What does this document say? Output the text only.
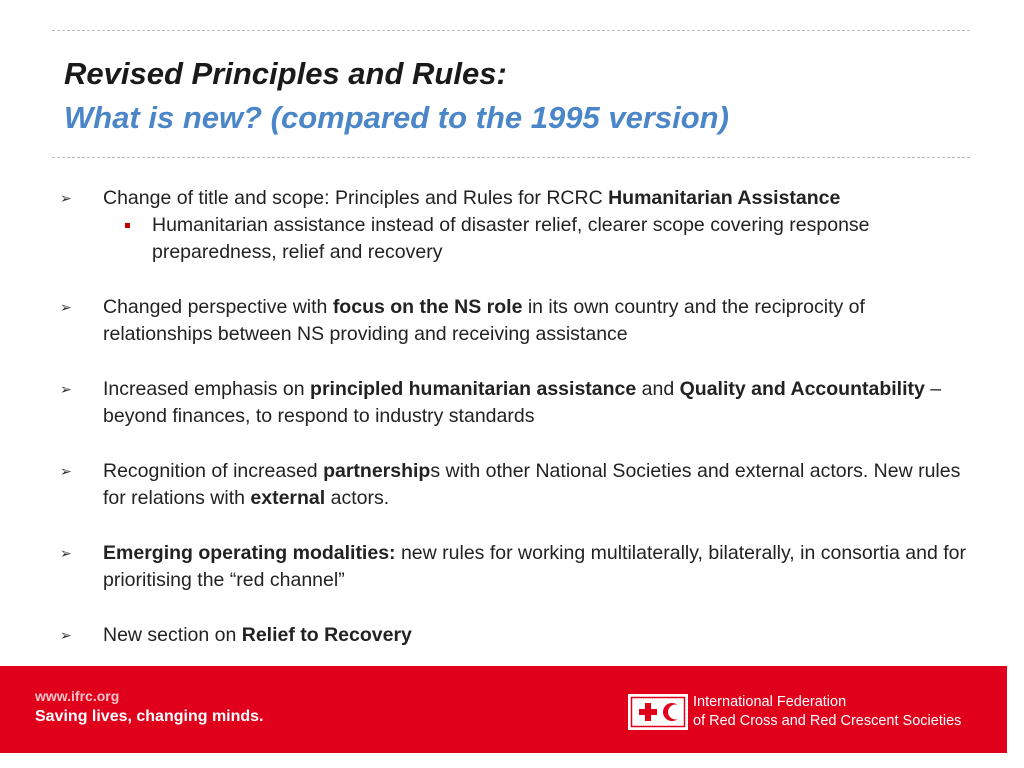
Revised Principles and Rules:
What is new? (compared to the 1995 version)
➢ Change of title and scope: Principles and Rules for RCRC Humanitarian Assistance
Humanitarian assistance instead of disaster relief, clearer scope covering response preparedness, relief and recovery
➢ Changed perspective with focus on the NS role in its own country and the reciprocity of relationships between NS providing and receiving assistance
➢ Increased emphasis on principled humanitarian assistance and Quality and Accountability – beyond finances, to respond to industry standards
➢ Recognition of increased partnerships with other National Societies and external actors. New rules for relations with external actors.
➢ Emerging operating modalities: new rules for working multilaterally, bilaterally, in consortia and for prioritising the “red channel”
➢ New section on Relief to Recovery
www.ifrc.org
Saving lives, changing minds.
International Federation
of Red Cross and Red Crescent Societies
